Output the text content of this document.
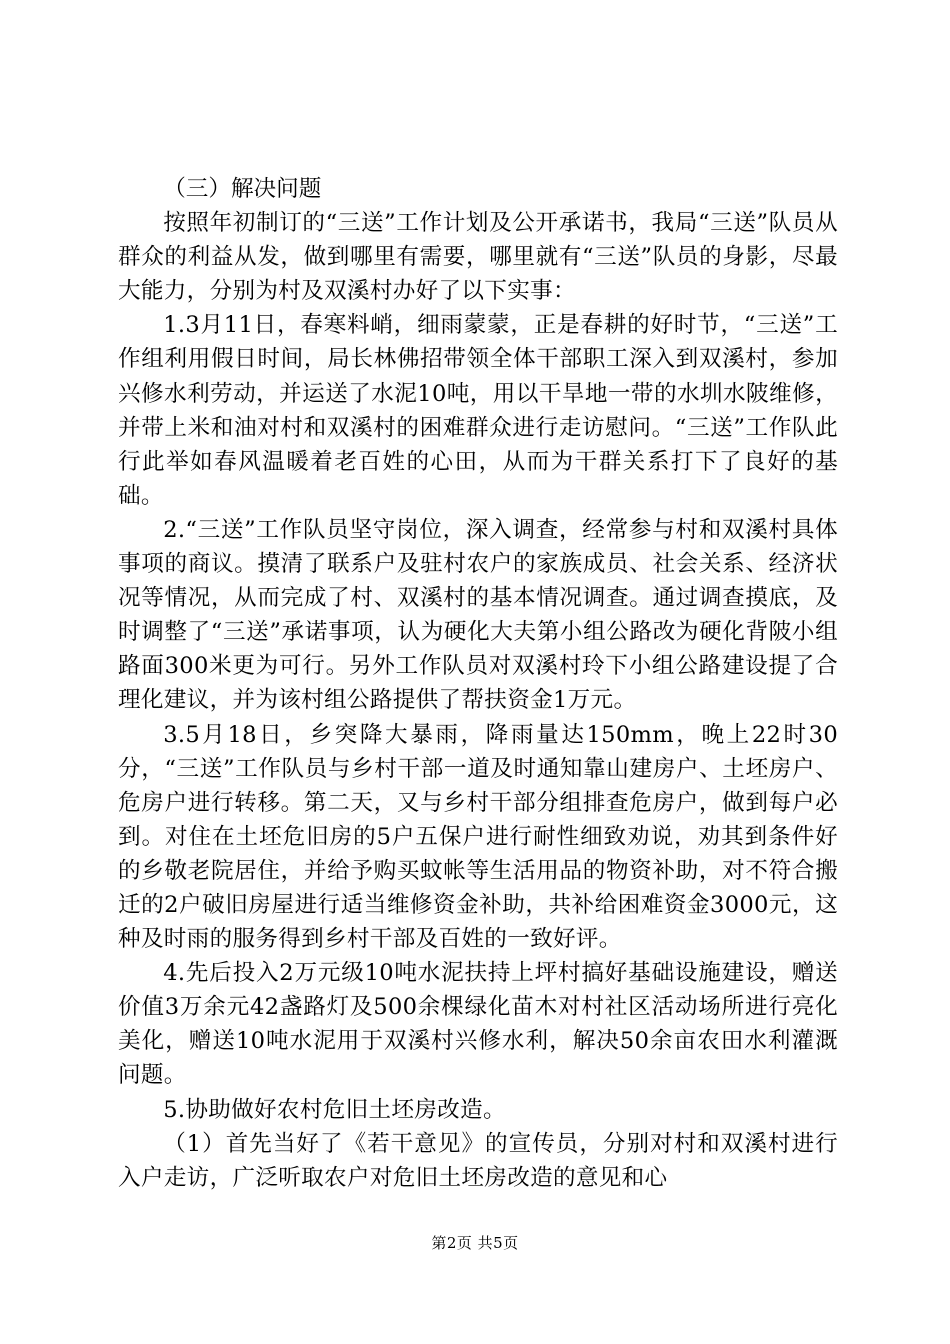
（三）解决问题

按照年初制订的“三送”工作计划及公开承诺书，我局“三送”队员从群众的利益从发，做到哪里有需要，哪里就有“三送”队员的身影，尽最大能力，分别为村及双溪村办好了以下实事：

1.3月11日，春寒料峭，细雨蒙蒙，正是春耕的好时节，“三送”工作组利用假日时间，局长林佛招带领全体干部职工深入到双溪村，参加兴修水利劳动，并运送了水泥10吨，用以干旱地一带的水圳水陂维修，并带上米和油对村和双溪村的困难群众进行走访慰问。“三送”工作队此行此举如春风温暖着老百姓的心田，从而为干群关系打下了良好的基础。

2.“三送”工作队员坚守岗位，深入调查，经常参与村和双溪村具体事项的商议。摸清了联系户及驻村农户的家族成员、社会关系、经济状况等情况，从而完成了村、双溪村的基本情况调查。通过调查摸底，及时调整了“三送”承诺事项，认为硬化大夫第小组公路改为硬化背陂小组路面300米更为可行。另外工作队员对双溪村玲下小组公路建设提了合理化建议，并为该村组公路提供了帮扶资金1万元。

3.5月18日，乡突降大暴雨，降雨量达150mm，晚上22时30分，“三送”工作队员与乡村干部一道及时通知靠山建房户、土坯房户、危房户进行转移。第二天，又与乡村干部分组排查危房户，做到每户必到。对住在土坯危旧房的5户五保户进行耐性细致劝说，劝其到条件好的乡敬老院居住，并给予购买蚊帐等生活用品的物资补助，对不符合搬迁的2户破旧房屋进行适当维修资金补助，共补给困难资金3000元，这种及时雨的服务得到乡村干部及百姓的一致好评。

4.先后投入2万元级10吨水泥扶持上坪村搞好基础设施建设，赠送价值3万余元42盏路灯及500余棵绿化苗木对村社区活动场所进行亮化美化，赠送10吨水泥用于双溪村兴修水利，解决50余亩农田水利灌溉问题。

5.协助做好农村危旧土坯房改造。

（1）首先当好了《若干意见》的宣传员，分别对村和双溪村进行入户走访，广泛听取农户对危旧土坯房改造的意见和心

第2页 共5页
